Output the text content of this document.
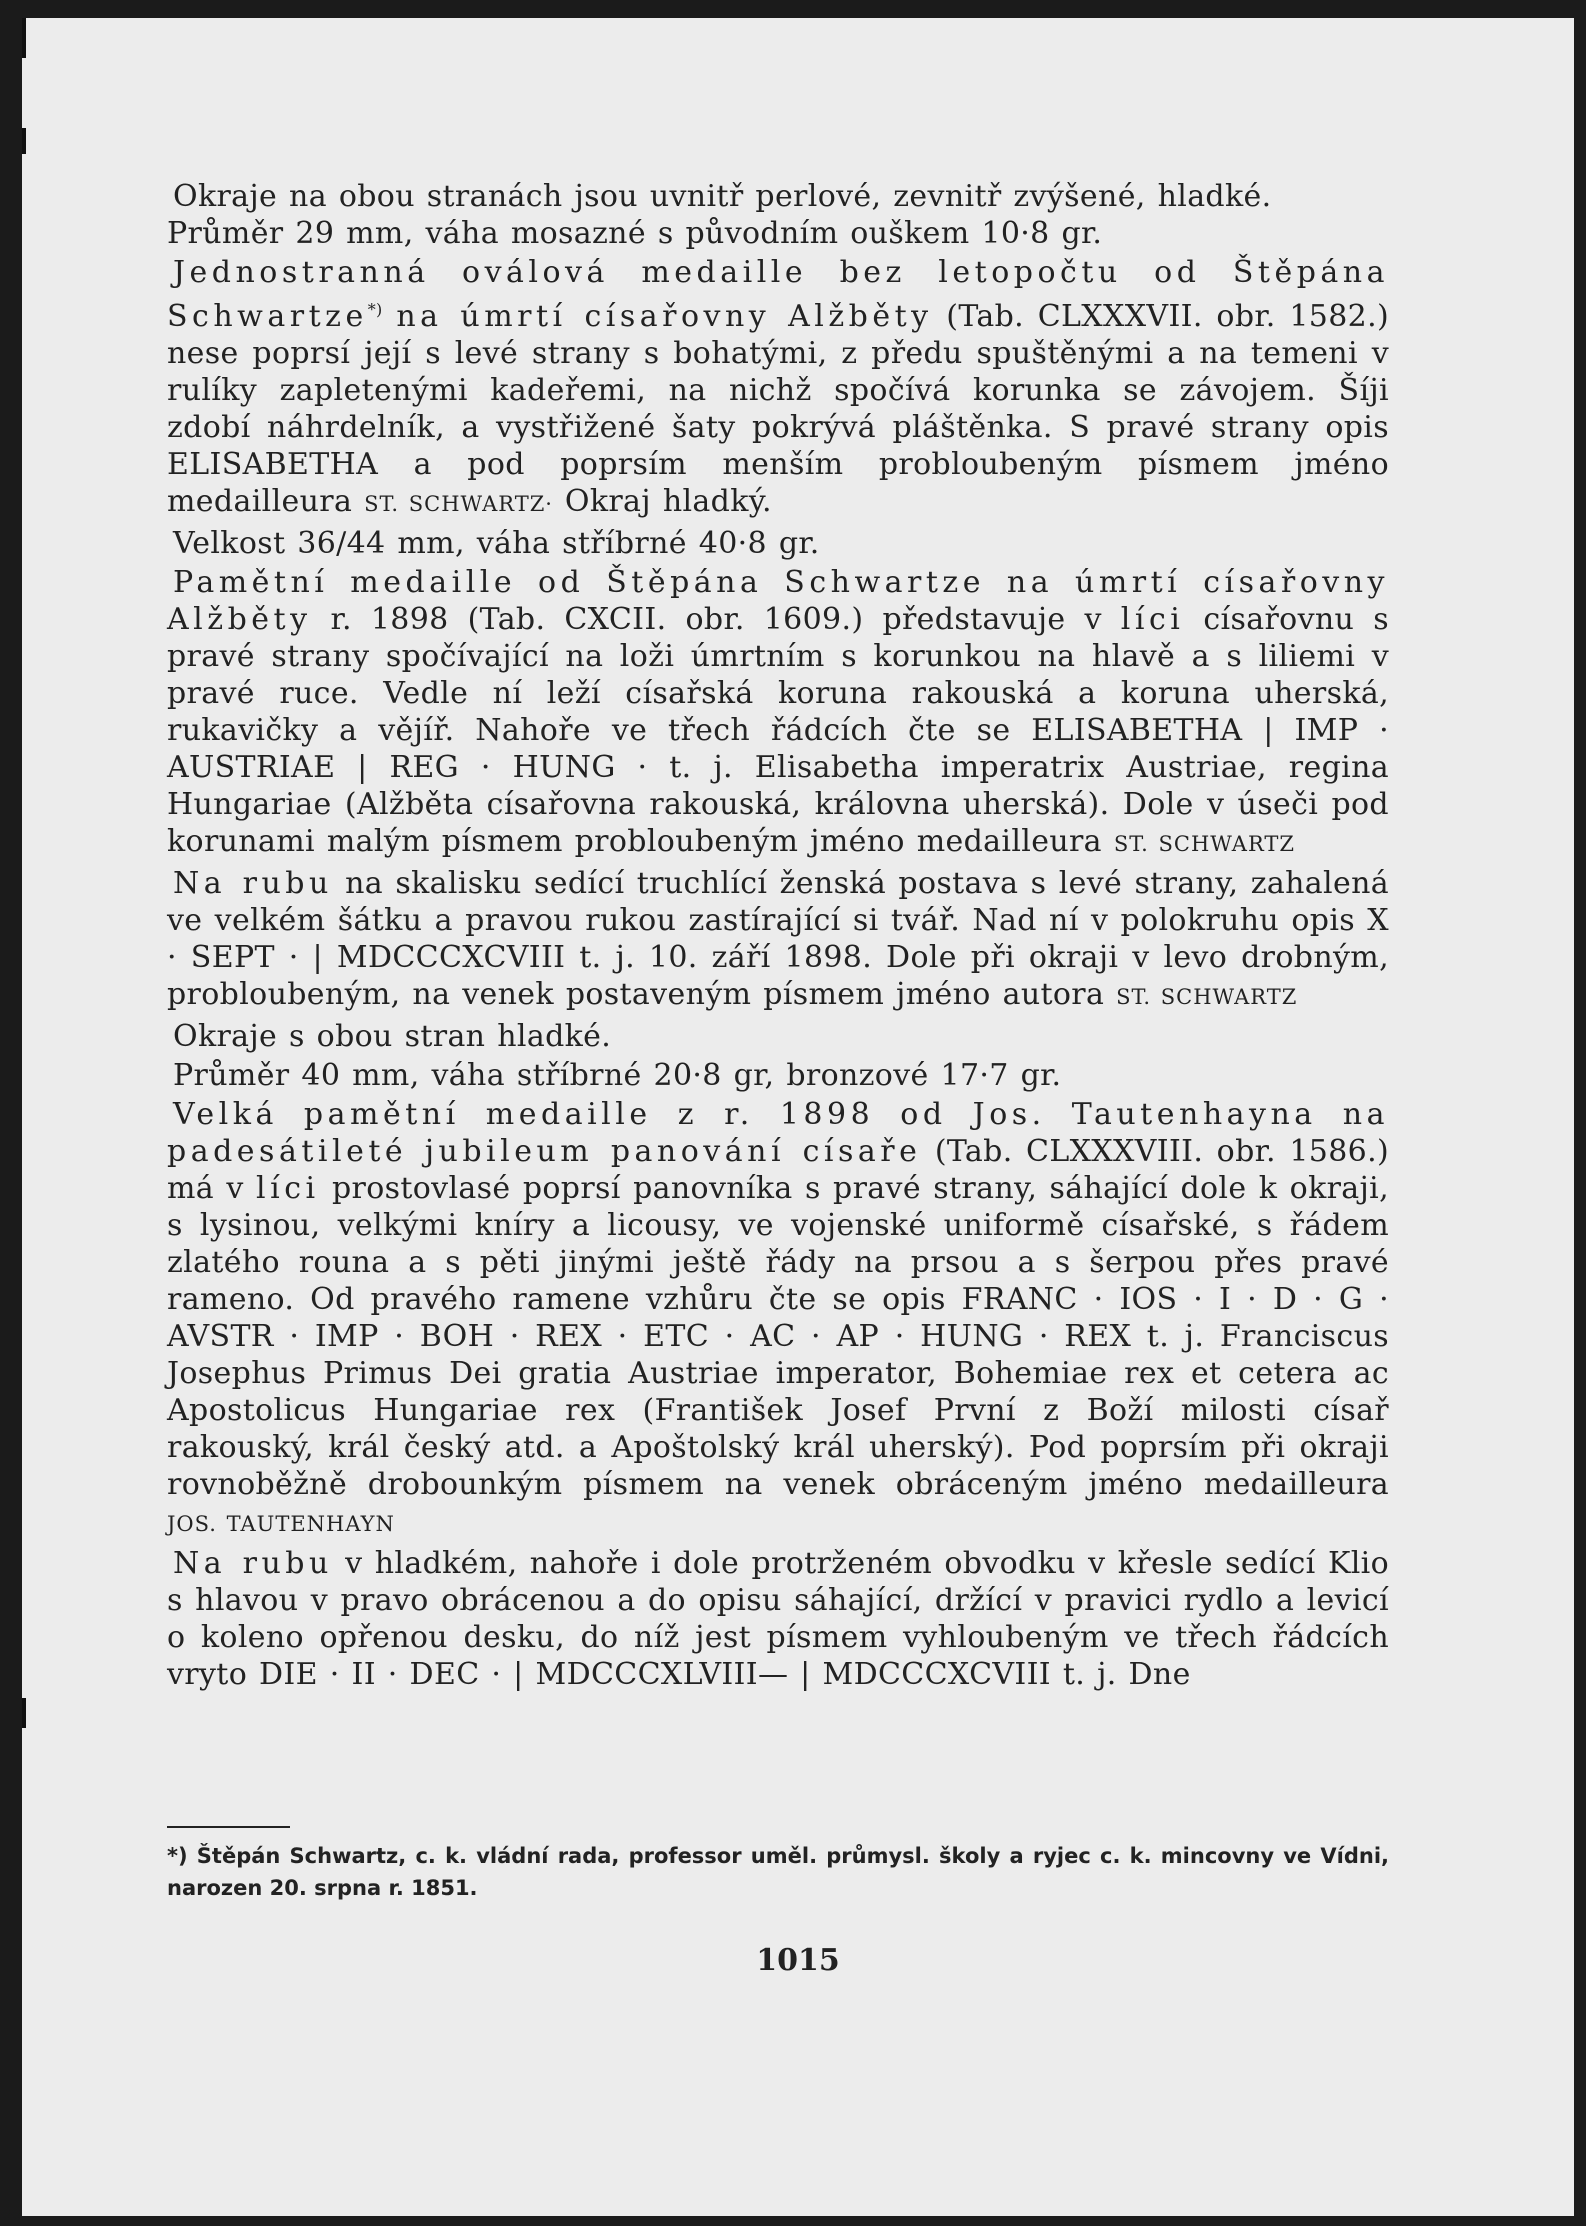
Okraje na obou stranách jsou uvnitř perlové, zevnitř zvýšené, hladké.
Průměr 29 mm, váha mosazné s původním ouškem 10·8 gr.

Jednostranná oválová medaille bez letopočtu od Štěpána Schwartze*) na úmrtí císařovny Alžběty (Tab. CLXXXVII. obr. 1582.) nese poprsí její s levé strany s bohatými, z předu spuštěnými a na temeni v rulíky zapletenými kadeřemi, na nichž spočívá korunka se závojem. Šíji zdobí náhrdelník, a vystřižené šaty pokrývá pláštěnka. S pravé strany opis ELISABETHA a pod poprsím menším probloubeným písmem jméno medailleura ST. SCHWARTZ· Okraj hladký.

Velkost 36/44 mm, váha stříbrné 40·8 gr.

Pamětní medaille od Štěpána Schwartze na úmrtí císařovny Alžběty r. 1898 (Tab. CXCII. obr. 1609.) představuje v líci císařovnu s pravé strany spočívající na loži úmrtním s korunkou na hlavě a s liliemi v pravé ruce. Vedle ní leží císařská koruna rakouská a koruna uherská, rukavičky a vějíř. Nahoře ve třech řádcích čte se ELISABETHA | IMP · AUSTRIAE | REG · HUNG · t. j. Elisabetha imperatrix Austriae, regina Hungariae (Alžběta císařovna rakouská, královna uherská). Dole v úseči pod korunami malým písmem probloubeným jméno medailleura ST. SCHWARTZ

Na rubu na skalisku sedící truchlící ženská postava s levé strany, zahalená ve velkém šátku a pravou rukou zastírající si tvář. Nad ní v polokruhu opis X · SEPT · | MDCCCXCVIII t. j. 10. září 1898. Dole při okraji v levo drobným, probloubeným, na venek postaveným písmem jméno autora ST. SCHWARTZ

Okraje s obou stran hladké.

Průměr 40 mm, váha stříbrné 20·8 gr, bronzové 17·7 gr.

Velká pamětní medaille z r. 1898 od Jos. Tautenhayna na padesátileté jubileum panování císaře (Tab. CLXXXVIII. obr. 1586.) má v líci prostovlasé poprsí panovníka s pravé strany, sáhající dole k okraji, s lysinou, velkými kníry a licousy, ve vojenské uniformě císařské, s řádem zlatého rouna a s pěti jinými ještě řády na prsou a s šerpou přes pravé rameno. Od pravého ramene vzhůru čte se opis FRANC · IOS · I · D · G · AVSTR · IMP · BOH · REX · ETC · AC · AP · HUNG · REX t. j. Franciscus Josephus Primus Dei gratia Austriae imperator, Bohemiae rex et cetera ac Apostolicus Hungariae rex (František Josef První z Boží milosti císař rakouský, král český atd. a Apoštolský král uherský). Pod poprsím při okraji rovnoběžně drobounkým písmem na venek obráceným jméno medailleura JOS. TAUTENHAYN

Na rubu v hladkém, nahoře i dole protrženém obvodku v křesle sedící Klio s hlavou v pravo obrácenou a do opisu sáhající, držící v pravici rydlo a levicí o koleno opřenou desku, do níž jest písmem vyhloubeným ve třech řádcích vryto DIE · II · DEC · | MDCCCXLVIII— | MDCCCXCVIII t. j. Dne

*) Štěpán Schwartz, c. k. vládní rada, professor uměl. průmysl. školy a ryjec c. k. mincovny ve Vídni, narozen 20. srpna r. 1851.
1015
